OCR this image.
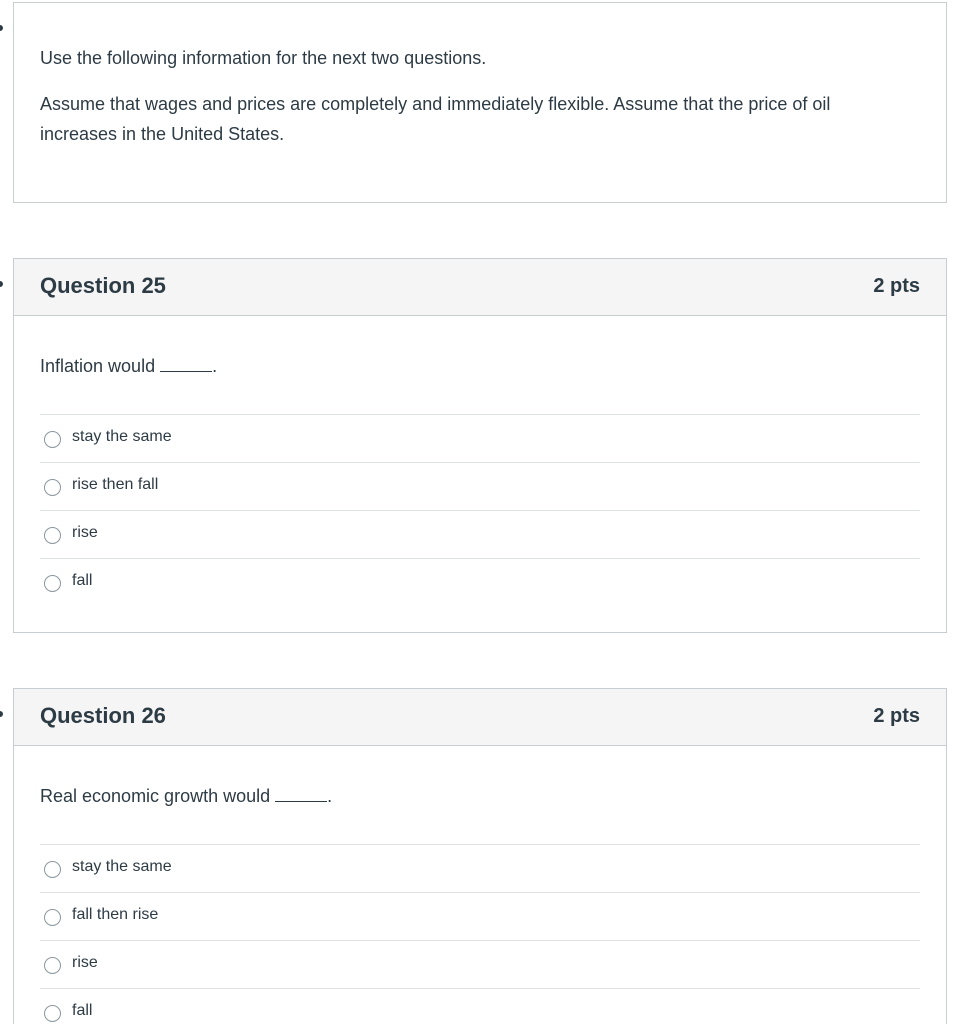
Use the following information for the next two questions.
Assume that wages and prices are completely and immediately flexible. Assume that the price of oil
increases in the United States.
Question 25	2 pts
Inflation would	.
stay the same
rise then fall
rise
fall
Question 26	2 pts
Real economic growth would	.
stay the same
fall then rise
rise
fall
